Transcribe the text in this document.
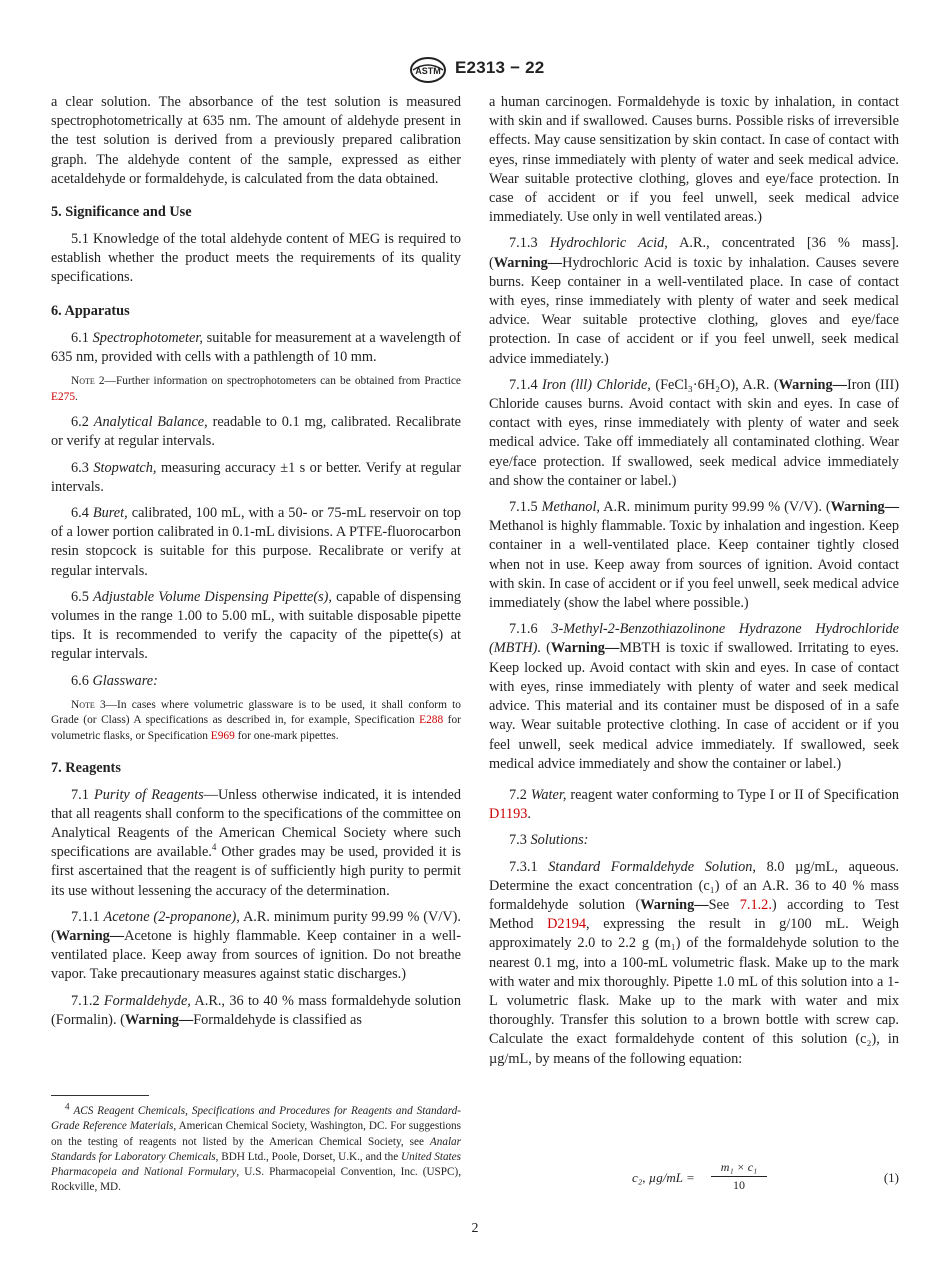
ASTM E2313 − 22

a clear solution. The absorbance of the test solution is measured spectrophotometrically at 635 nm. The amount of aldehyde present in the test solution is derived from a previously prepared calibration graph. The aldehyde content of the sample, expressed as either acetaldehyde or formaldehyde, is calculated from the data obtained.

5. Significance and Use

5.1 Knowledge of the total aldehyde content of MEG is required to establish whether the product meets the requirements of its quality specifications.

6. Apparatus

6.1 Spectrophotometer, suitable for measurement at a wavelength of 635 nm, provided with cells with a pathlength of 10 mm.

Note 2—Further information on spectrophotometers can be obtained from Practice E275.

6.2 Analytical Balance, readable to 0.1 mg, calibrated. Recalibrate or verify at regular intervals.

6.3 Stopwatch, measuring accuracy ±1 s or better. Verify at regular intervals.

6.4 Buret, calibrated, 100 mL, with a 50- or 75-mL reservoir on top of a lower portion calibrated in 0.1-mL divisions. A PTFE-fluorocarbon resin stopcock is suitable for this purpose. Recalibrate or verify at regular intervals.

6.5 Adjustable Volume Dispensing Pipette(s), capable of dispensing volumes in the range 1.00 to 5.00 mL, with suitable disposable pipette tips. It is recommended to verify the capacity of the pipette(s) at regular intervals.

6.6 Glassware:

Note 3—In cases where volumetric glassware is to be used, it shall conform to Grade (or Class) A specifications as described in, for example, Specification E288 for volumetric flasks, or Specification E969 for one-mark pipettes.

7. Reagents

7.1 Purity of Reagents—Unless otherwise indicated, it is intended that all reagents shall conform to the specifications of the committee on Analytical Reagents of the American Chemical Society where such specifications are available.$^4$ Other grades may be used, provided it is first ascertained that the reagent is of sufficiently high purity to permit its use without lessening the accuracy of the determination.

7.1.1 Acetone (2-propanone), A.R. minimum purity 99.99 % (V/V). (Warning—Acetone is highly flammable. Keep container in a well-ventilated place. Keep away from sources of ignition. Do not breathe vapor. Take precautionary measures against static discharges.)

7.1.2 Formaldehyde, A.R., 36 to 40 % mass formaldehyde solution (Formalin). (Warning—Formaldehyde is classified as

a human carcinogen. Formaldehyde is toxic by inhalation, in contact with skin and if swallowed. Causes burns. Possible risks of irreversible effects. May cause sensitization by skin contact. In case of contact with eyes, rinse immediately with plenty of water and seek medical advice. Wear suitable protective clothing, gloves and eye/face protection. In case of accident or if you feel unwell, seek medical advice immediately. Use only in well ventilated areas.)

7.1.3 Hydrochloric Acid, A.R., concentrated [36 % mass]. (Warning—Hydrochloric Acid is toxic by inhalation. Causes severe burns. Keep container in a well-ventilated place. In case of contact with eyes, rinse immediately with plenty of water and seek medical advice. Wear suitable protective clothing, gloves and eye/face protection. In case of accident or if you feel unwell, seek medical advice immediately.)

7.1.4 Iron (lll) Chloride, (FeCl₃·6H₂O), A.R. (Warning—Iron (III) Chloride causes burns. Avoid contact with skin and eyes. In case of contact with eyes, rinse immediately with plenty of water and seek medical advice. Take off immediately all contaminated clothing. Wear eye/face protection. If swallowed, seek medical advice immediately and show the container or label.)

7.1.5 Methanol, A.R. minimum purity 99.99 % (V/V). (Warning—Methanol is highly flammable. Toxic by inhalation and ingestion. Keep container in a well-ventilated place. Keep container tightly closed when not in use. Keep away from sources of ignition. Avoid contact with skin. In case of accident or if you feel unwell, seek medical advice immediately (show the label where possible.)

7.1.6 3-Methyl-2-Benzothiazolinone Hydrazone Hydrochloride (MBTH). (Warning—MBTH is toxic if swallowed. Irritating to eyes. Keep locked up. Avoid contact with skin and eyes. In case of contact with eyes, rinse immediately with plenty of water and seek medical advice. This material and its container must be disposed of in a safe way. Wear suitable protective clothing. In case of accident or if you feel unwell, seek medical advice immediately. If swallowed, seek medical advice immediately and show the container or label.)

7.2 Water, reagent water conforming to Type I or II of Specification D1193.

7.3 Solutions:

7.3.1 Standard Formaldehyde Solution, 8.0 µg/mL, aqueous. Determine the exact concentration (c₁) of an A.R. 36 to 40 % mass formaldehyde solution (Warning—See 7.1.2.) according to Test Method D2194, expressing the result in g/100 mL. Weigh approximately 2.0 to 2.2 g (m₁) of the formaldehyde solution to the nearest 0.1 mg, into a 100-mL volumetric flask. Make up to the mark with water and mix thoroughly. Pipette 1.0 mL of this solution into a 1-L volumetric flask. Make up to the mark with water and mix thoroughly. Transfer this solution to a brown bottle with screw cap. Calculate the exact formaldehyde content of this solution (c₂), in µg/mL, by means of the following equation:

c₂, $\mu g/mL = \frac{\text{m₁ × c₁}}{10}$	(1)
$^4$ ACS Reagent Chemicals, Specifications and Procedures for Reagents and Standard-Grade Reference Materials, American Chemical Society, Washington, DC. For suggestions on the testing of reagents not listed by the American Chemical Society, see Analar Standards for Laboratory Chemicals, BDH Ltd., Poole, Dorset, U.K., and the United States Pharmacopeia and National Formulary, U.S. Pharmacopeial Convention, Inc. (USPC), Rockville, MD.
2
